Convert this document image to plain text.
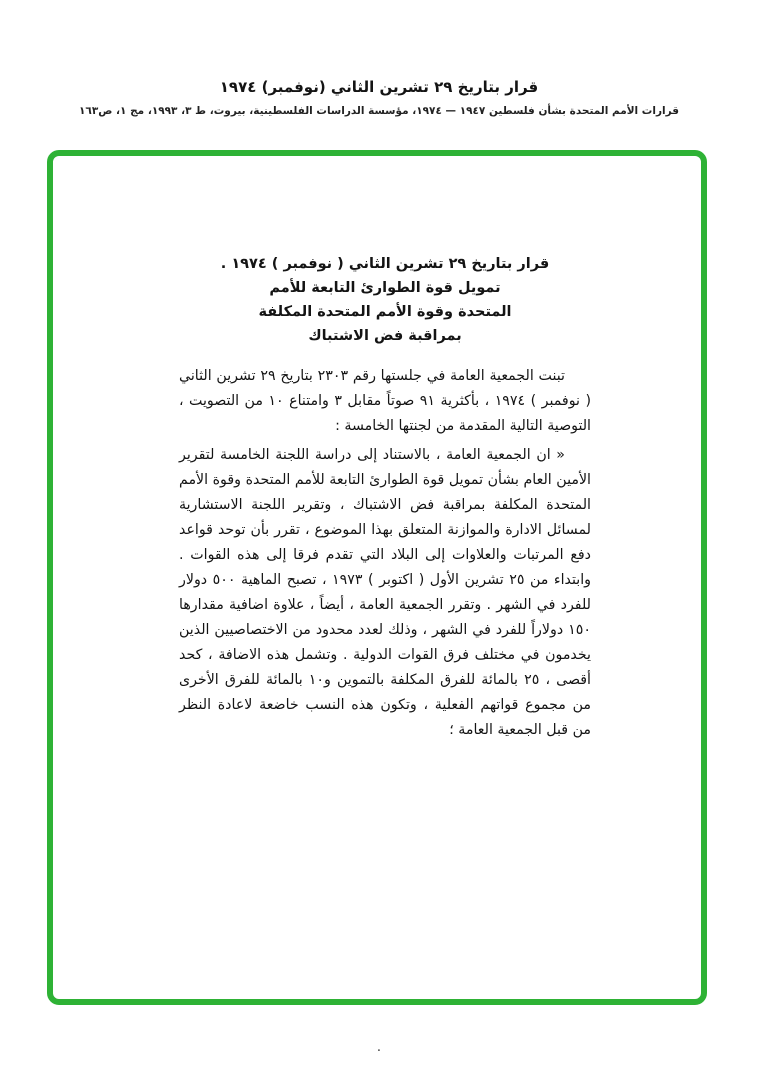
قرار بتاريخ ٢٩ تشرين الثاني (نوفمبر) ١٩٧٤
قرارات الأمم المتحدة بشأن فلسطين ١٩٤٧ — ١٩٧٤، مؤسسة الدراسات الفلسطينية، بيروت، ط ٣، ١٩٩٣، مج ١، ص١٦٣
قرار بتاريخ ٢٩ تشرين الثاني ( نوفمبر ) ١٩٧٤ .
تمويل قوة الطوارئ التابعة للأمم
المتحدة وقوة الأمم المتحدة المكلفة
بمراقبة فض الاشتباك

تبنت الجمعية العامة في جلستها رقم ٢٣٠٣ بتاريخ ٢٩ تشرين الثاني ( نوفمبر ) ١٩٧٤ ، بأكثرية ٩١ صوتاً مقابل ٣ وامتناع ١٠ من التصويت ، التوصية التالية المقدمة من لجنتها الخامسة :

« ان الجمعية العامة ، بالاستناد إلى دراسة اللجنة الخامسة لتقرير الأمين العام بشأن تمويل قوة الطوارئ التابعة للأمم المتحدة وقوة الأمم المتحدة المكلفة بمراقبة فض الاشتباك ، وتقرير اللجنة الاستشارية لمسائل الادارة والموازنة المتعلق بهذا الموضوع ، تقرر بأن توحد قواعد دفع المرتبات والعلاوات إلى البلاد التي تقدم فرقا إلى هذه القوات . وابتداء من ٢٥ تشرين الأول ( اكتوبر ) ١٩٧٣ ، تصبح الماهية ٥٠٠ دولار للفرد في الشهر . وتقرر الجمعية العامة ، أيضاً ، علاوة اضافية مقدارها ١٥٠ دولاراً للفرد في الشهر ، وذلك لعدد محدود من الاختصاصيين الذين يخدمون في مختلف فرق القوات الدولية . وتشمل هذه الاضافة ، كحد أقصى ، ٢٥ بالمائة للفرق المكلفة بالتموين و١٠ بالمائة للفرق الأخرى من مجموع قواتهم الفعلية ، وتكون هذه النسب خاضعة لاعادة النظر من قبل الجمعية العامة ؛

.
